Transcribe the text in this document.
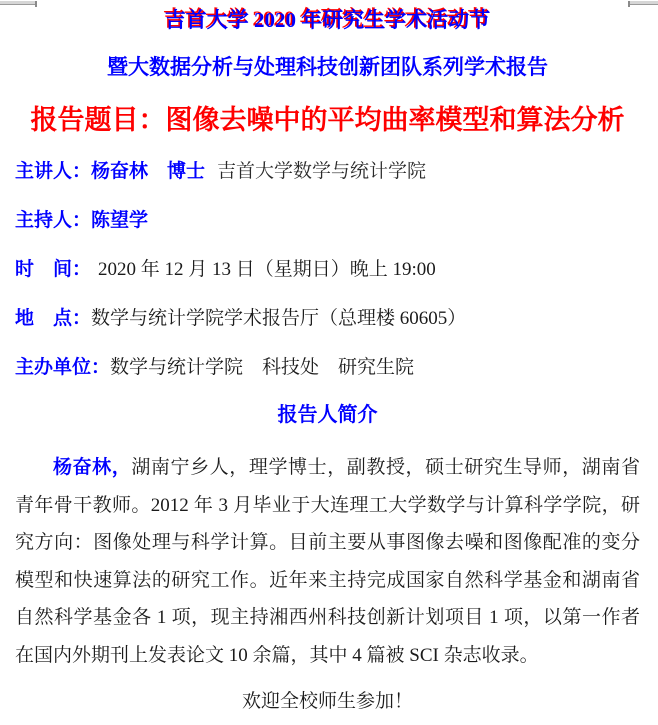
吉首大学 2020 年研究生学术活动节
暨大数据分析与处理科技创新团队系列学术报告
报告题目：图像去噪中的平均曲率模型和算法分析
主讲人：杨奋林　博士 吉首大学数学与统计学院
主持人：陈望学
时　间： 2020 年 12 月 13 日（星期日）晚上 19:00
地　点：数学与统计学院学术报告厅（总理楼 60605）
主办单位：数学与统计学院　科技处　研究生院
报告人简介

杨奋林，湖南宁乡人，理学博士，副教授，硕士研究生导师，湖南省青年骨干教师。2012 年 3 月毕业于大连理工大学数学与计算科学学院，研究方向：图像处理与科学计算。目前主要从事图像去噪和图像配准的变分模型和快速算法的研究工作。近年来主持完成国家自然科学基金和湖南省自然科学基金各 1 项，现主持湘西州科技创新计划项目 1 项，以第一作者在国内外期刊上发表论文 10 余篇，其中 4 篇被 SCI 杂志收录。

欢迎全校师生参加！
